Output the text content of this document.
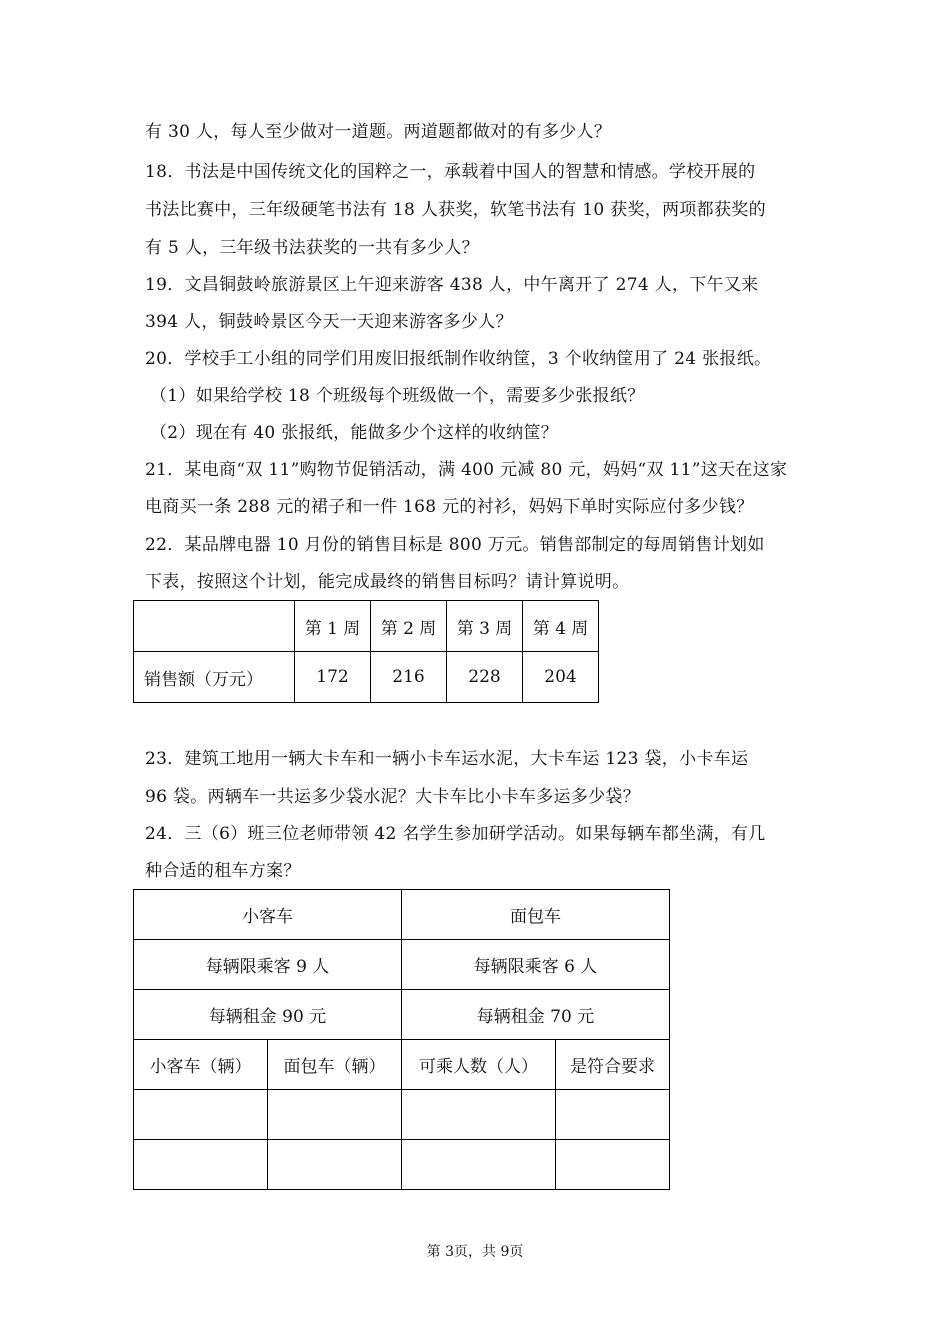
有 30 人，每人至少做对一道题。两道题都做对的有多少人？
18．书法是中国传统文化的国粹之一，承载着中国人的智慧和情感。学校开展的
书法比赛中，三年级硬笔书法有 18 人获奖，软笔书法有 10 获奖，两项都获奖的
有 5 人，三年级书法获奖的一共有多少人？
19．文昌铜鼓岭旅游景区上午迎来游客 438 人，中午离开了 274 人，下午又来
394 人，铜鼓岭景区今天一天迎来游客多少人？
20．学校手工小组的同学们用废旧报纸制作收纳筐，3 个收纳筐用了 24 张报纸。
（1）如果给学校 18 个班级每个班级做一个，需要多少张报纸？
（2）现在有 40 张报纸，能做多少个这样的收纳筐？
21．某电商“双 11”购物节促销活动，满 400 元减 80 元，妈妈“双 11”这天在这家
电商买一条 288 元的裙子和一件 168 元的衬衫，妈妈下单时实际应付多少钱？
22．某品牌电器 10 月份的销售目标是 800 万元。销售部制定的每周销售计划如
下表，按照这个计划，能完成最终的销售目标吗？请计算说明。
	第 1 周	第 2 周	第 3 周	第 4 周
销售额（万元）	172	216	228	204
23．建筑工地用一辆大卡车和一辆小卡车运水泥，大卡车运 123 袋，小卡车运
96 袋。两辆车一共运多少袋水泥？大卡车比小卡车多运多少袋？
24．三（6）班三位老师带领 42 名学生参加研学活动。如果每辆车都坐满，有几
种合适的租车方案？
小客车		面包车	
每辆限乘客 9 人		每辆限乘客 6 人	
每辆租金 90 元		每辆租金 70 元	
小客车（辆）	面包车（辆）	可乘人数（人）	是符合要求

第 3页，共 9页
